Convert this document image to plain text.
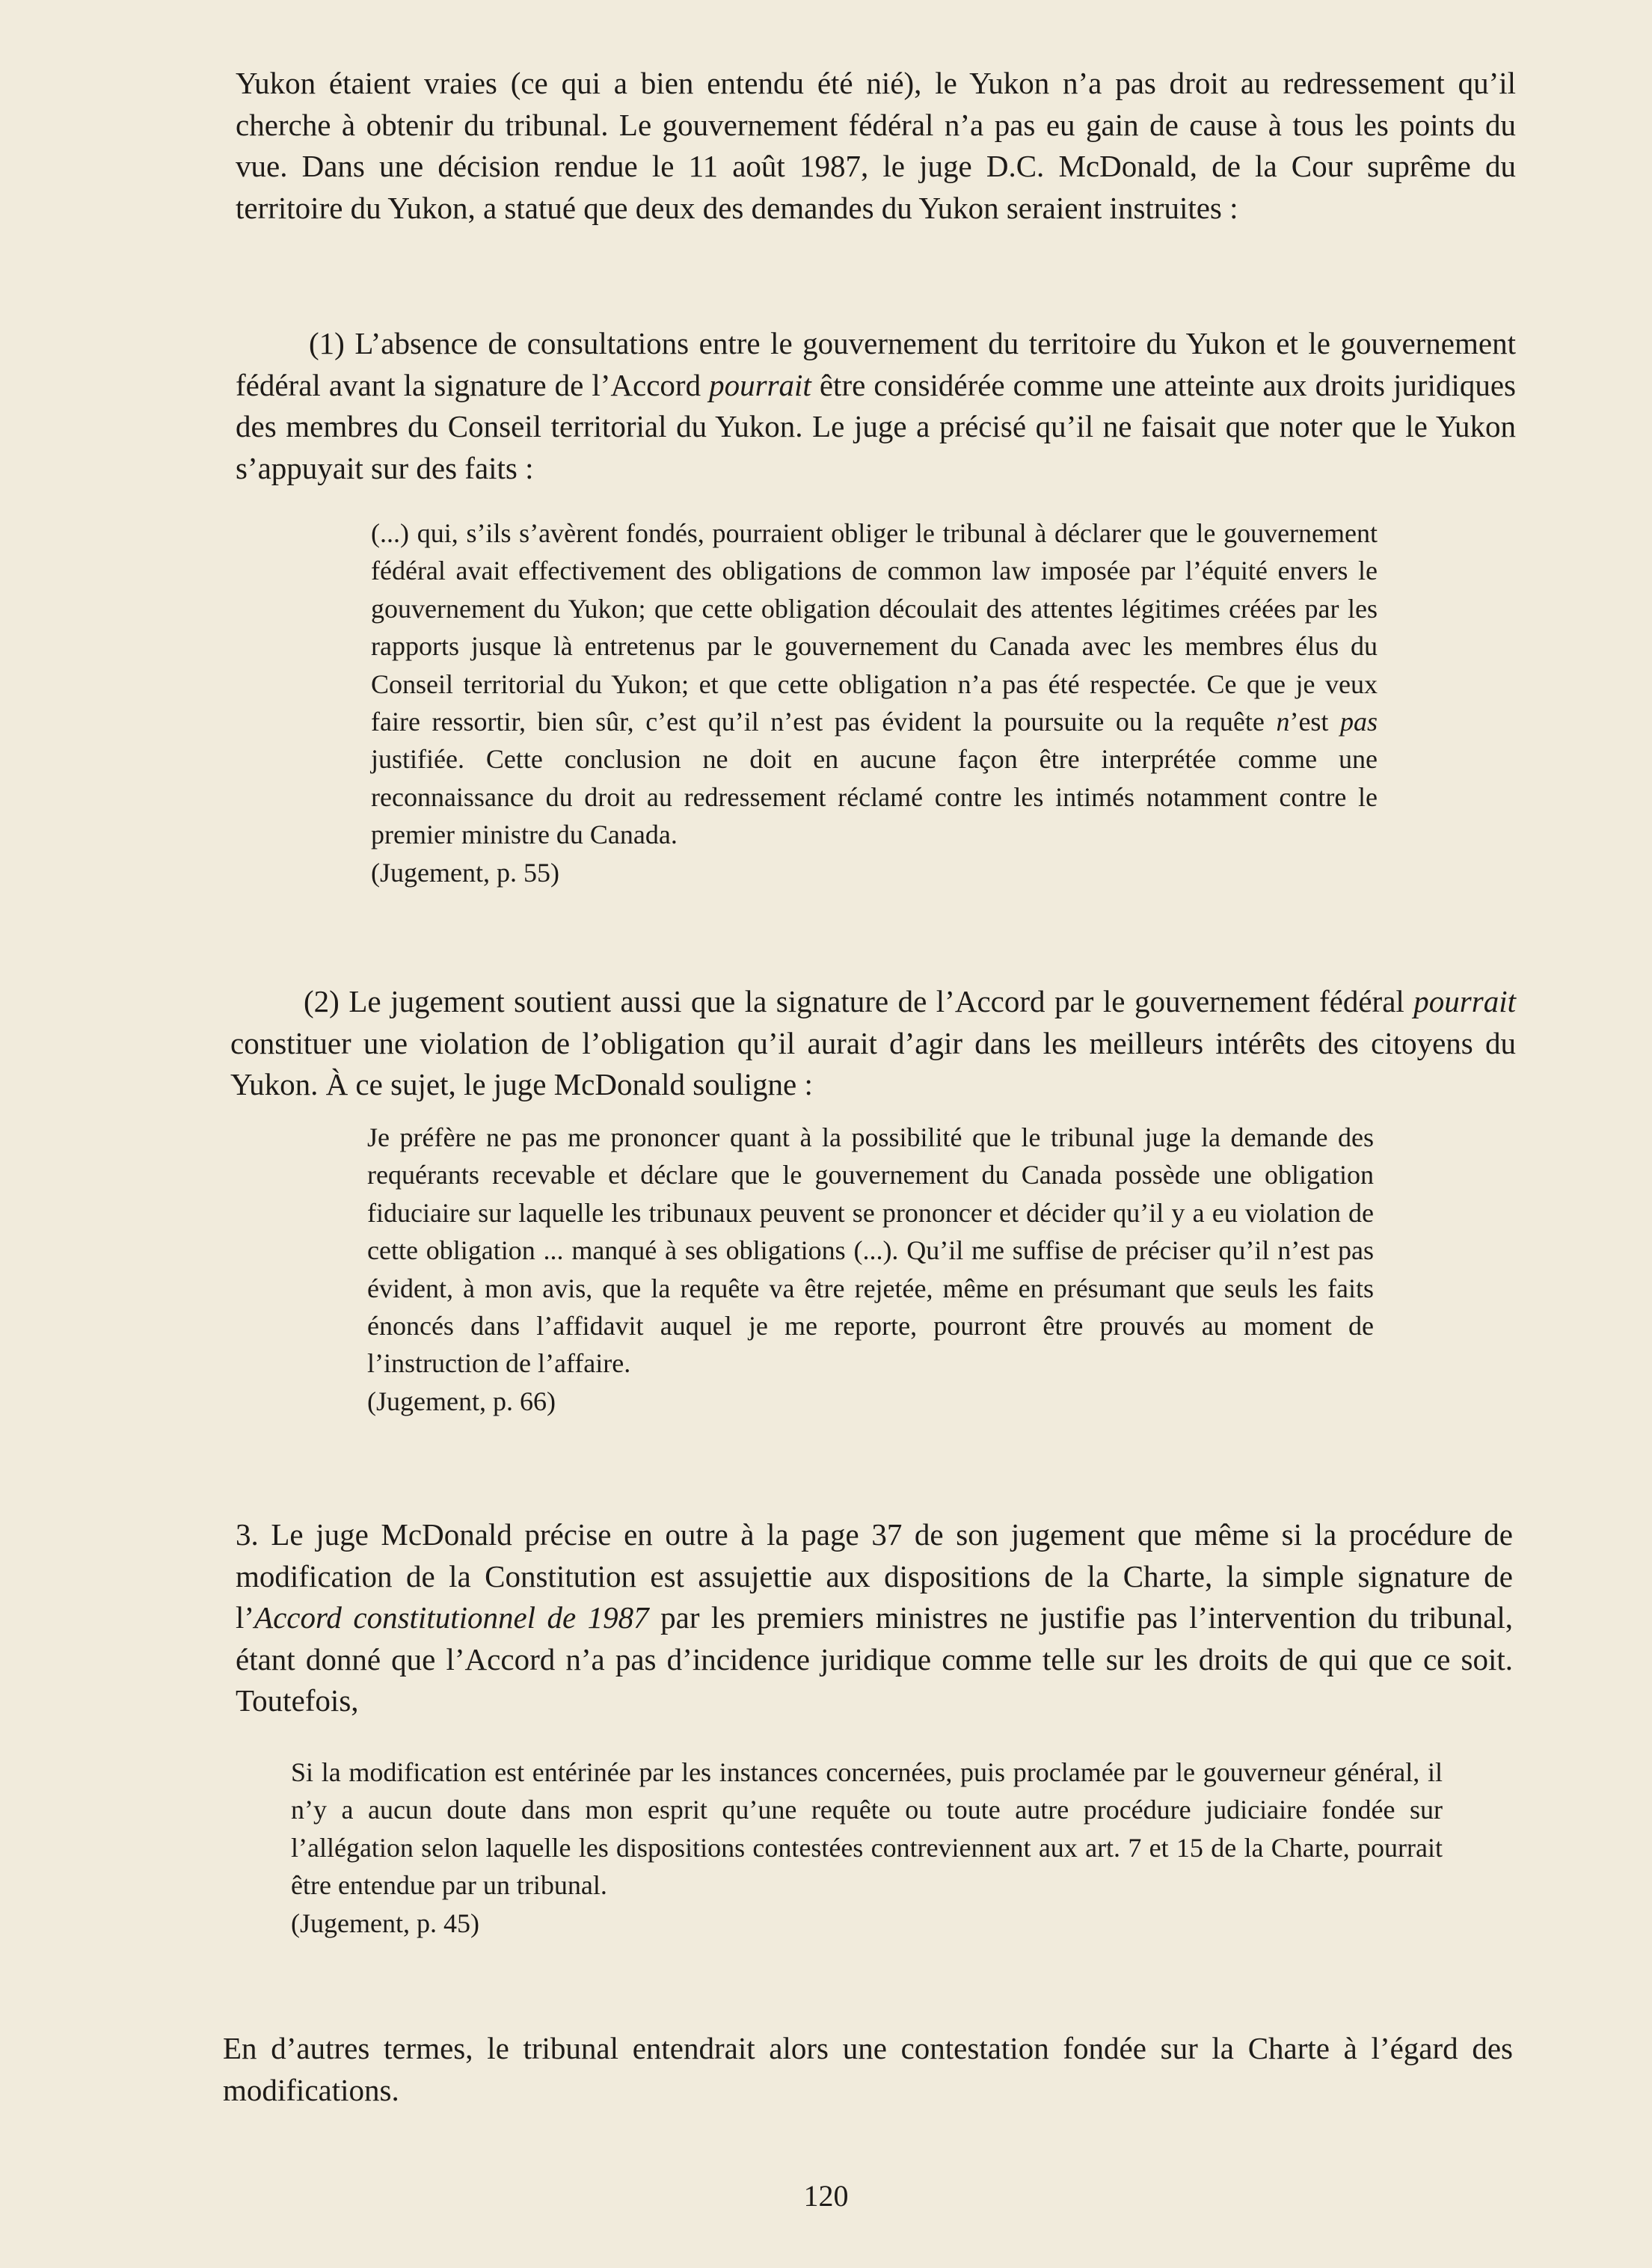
Yukon étaient vraies (ce qui a bien entendu été nié), le Yukon n’a pas droit au redressement qu’il cherche à obtenir du tribunal. Le gouvernement fédéral n’a pas eu gain de cause à tous les points du vue. Dans une décision rendue le 11 août 1987, le juge D.C. McDonald, de la Cour suprême du territoire du Yukon, a statué que deux des demandes du Yukon seraient instruites :

(1) L’absence de consultations entre le gouvernement du territoire du Yukon et le gouvernement fédéral avant la signature de l’Accord pourrait être considérée comme une atteinte aux droits juridiques des membres du Conseil territorial du Yukon. Le juge a précisé qu’il ne faisait que noter que le Yukon s’appuyait sur des faits :

(...) qui, s’ils s’avèrent fondés, pourraient obliger le tribunal à déclarer que le gouvernement fédéral avait effectivement des obligations de common law imposée par l’équité envers le gouvernement du Yukon; que cette obligation découlait des attentes légitimes créées par les rapports jusque là entretenus par le gouvernement du Canada avec les membres élus du Conseil territorial du Yukon; et que cette obligation n’a pas été respectée. Ce que je veux faire ressortir, bien sûr, c’est qu’il n’est pas évident la poursuite ou la requête n’est pas justifiée. Cette conclusion ne doit en aucune façon être interprétée comme une reconnaissance du droit au redressement réclamé contre les intimés notamment contre le premier ministre du Canada.
(Jugement, p. 55)

(2) Le jugement soutient aussi que la signature de l’Accord par le gouvernement fédéral pourrait constituer une violation de l’obligation qu’il aurait d’agir dans les meilleurs intérêts des citoyens du Yukon. À ce sujet, le juge McDonald souligne :

Je préfère ne pas me prononcer quant à la possibilité que le tribunal juge la demande des requérants recevable et déclare que le gouvernement du Canada possède une obligation fiduciaire sur laquelle les tribunaux peuvent se prononcer et décider qu’il y a eu violation de cette obligation ... manqué à ses obligations (...). Qu’il me suffise de préciser qu’il n’est pas évident, à mon avis, que la requête va être rejetée, même en présumant que seuls les faits énoncés dans l’affidavit auquel je me reporte, pourront être prouvés au moment de l’instruction de l’affaire.
(Jugement, p. 66)

3. Le juge McDonald précise en outre à la page 37 de son jugement que même si la procédure de modification de la Constitution est assujettie aux dispositions de la Charte, la simple signature de l’Accord constitutionnel de 1987 par les premiers ministres ne justifie pas l’intervention du tribunal, étant donné que l’Accord n’a pas d’incidence juridique comme telle sur les droits de qui que ce soit. Toutefois,

Si la modification est entérinée par les instances concernées, puis proclamée par le gouverneur général, il n’y a aucun doute dans mon esprit qu’une requête ou toute autre procédure judiciaire fondée sur l’allégation selon laquelle les dispositions contestées contreviennent aux art. 7 et 15 de la Charte, pourrait être entendue par un tribunal.
(Jugement, p. 45)

En d’autres termes, le tribunal entendrait alors une contestation fondée sur la Charte à l’égard des modifications.

120
